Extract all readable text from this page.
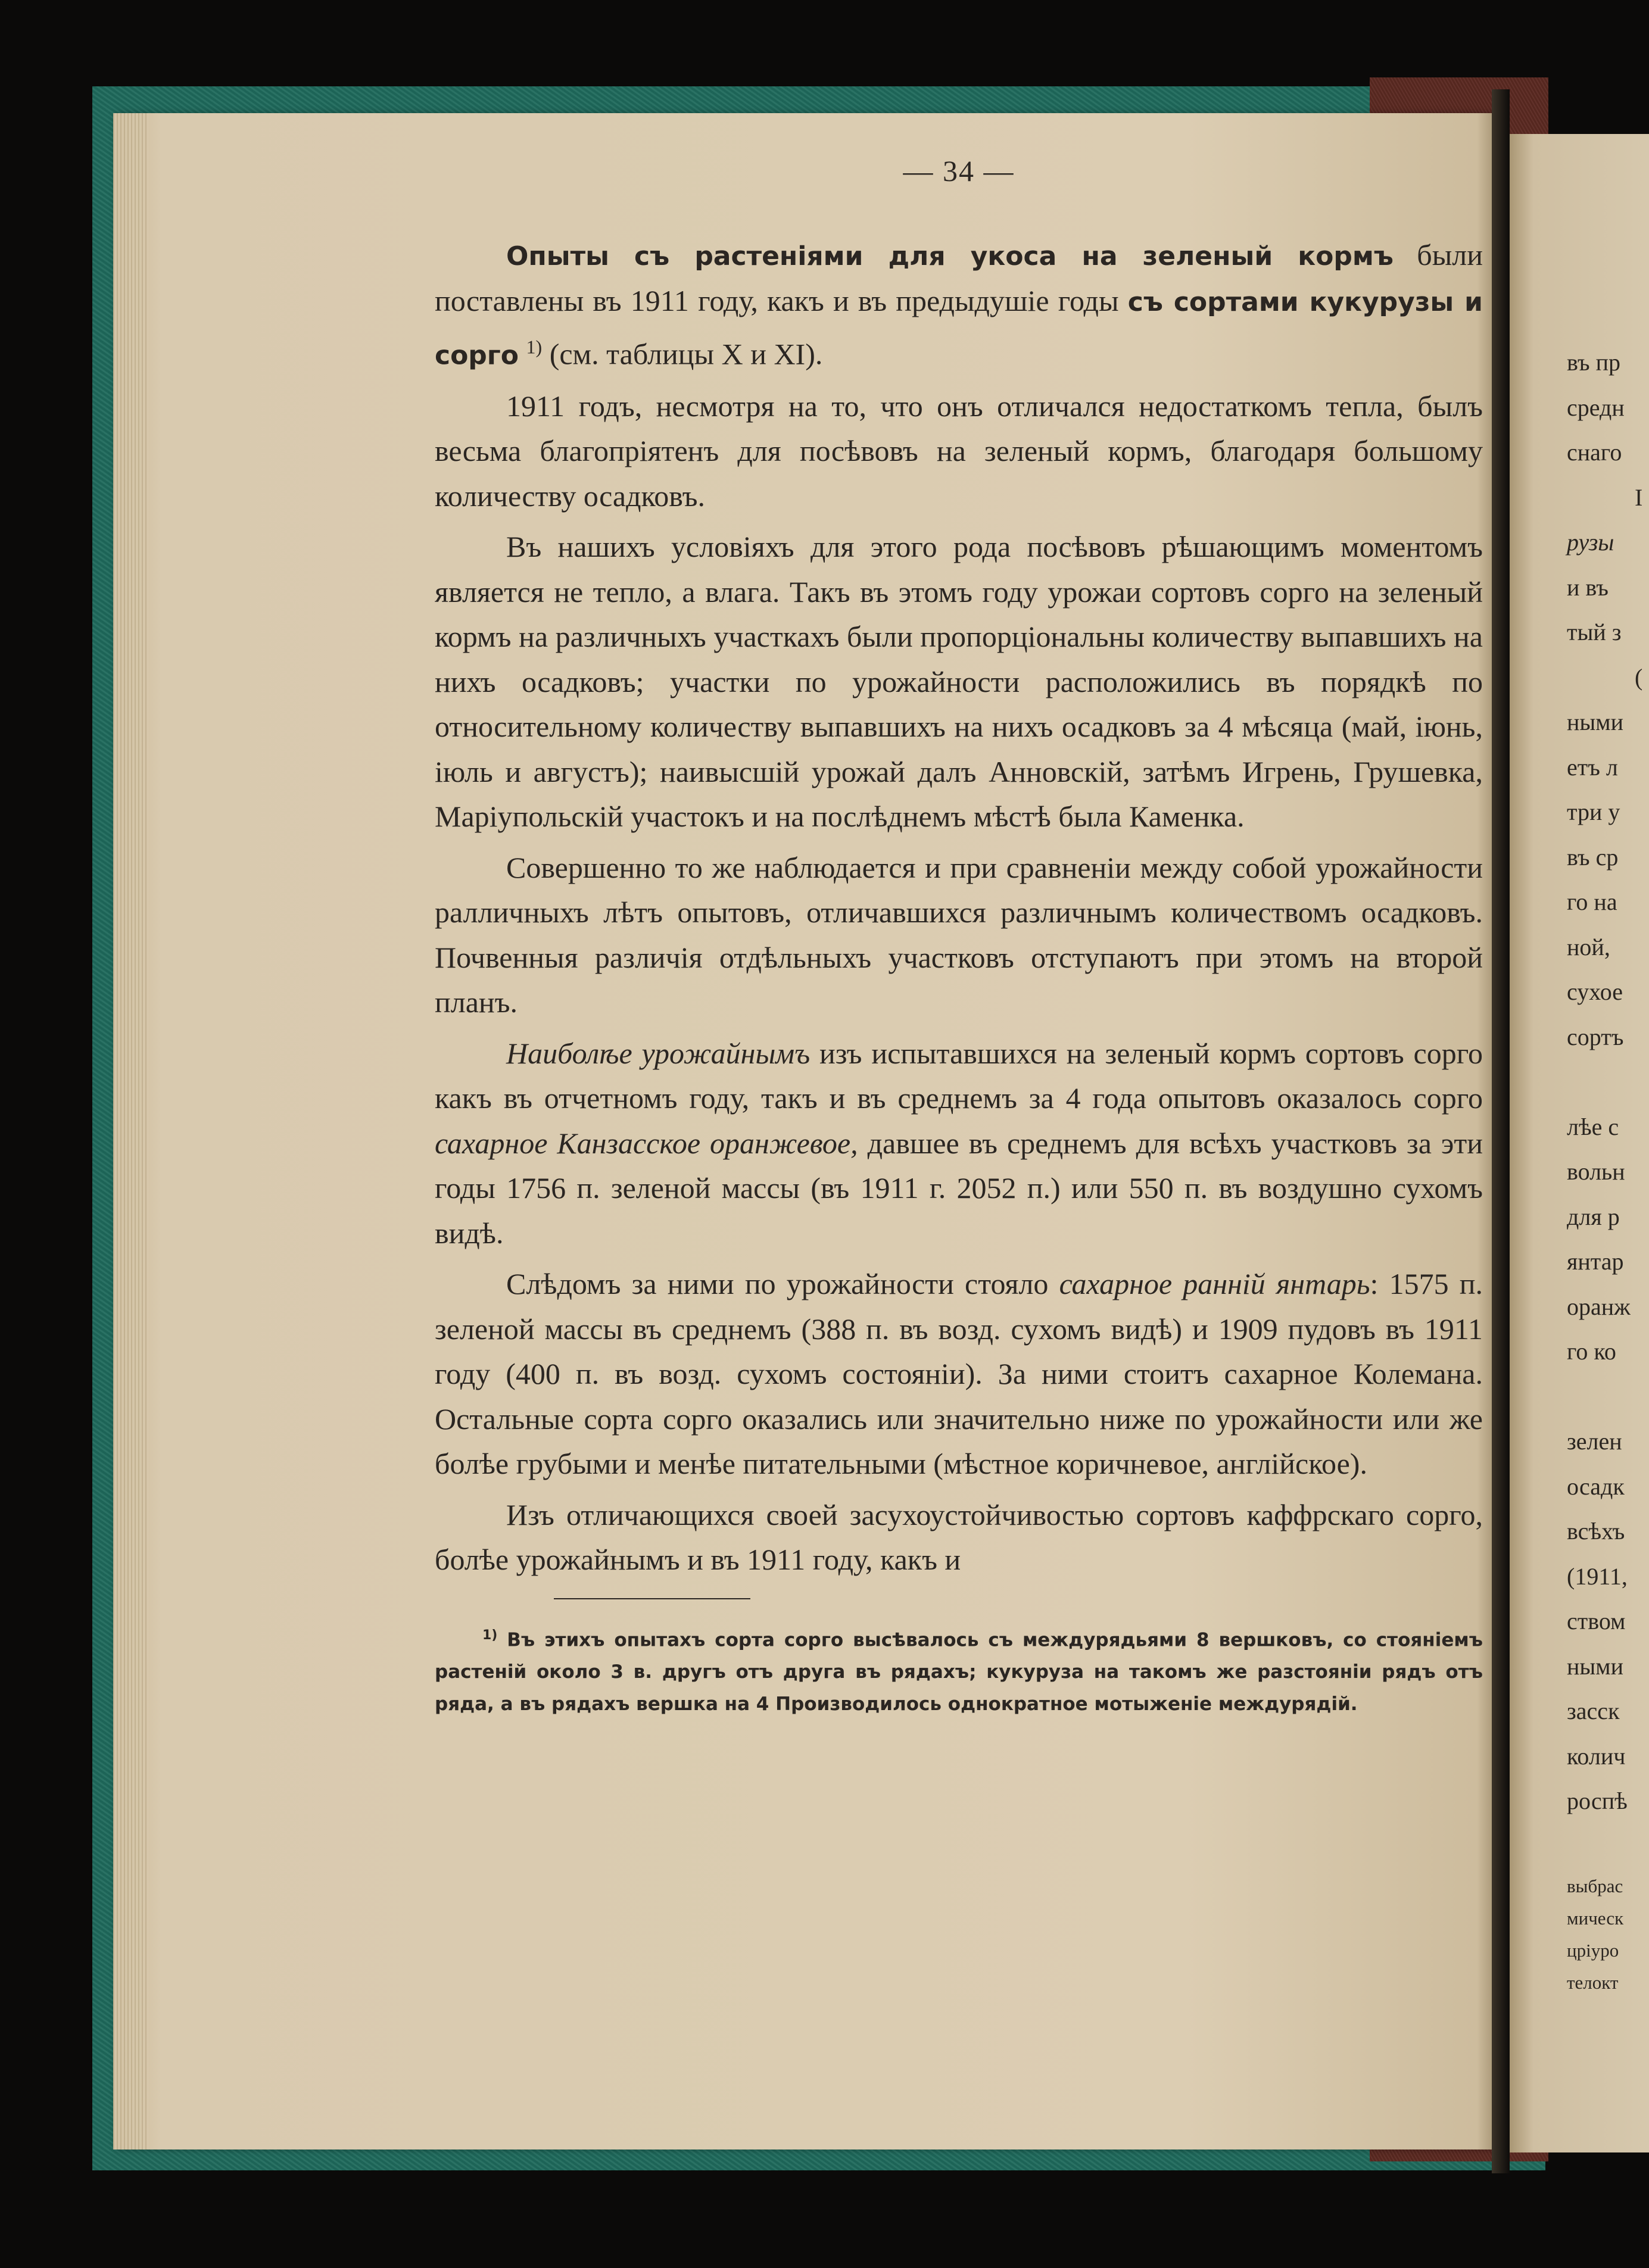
въ пр
средн
снаго
I
рузы
и въ
тый з
(
ными
етъ л
три у
въ ср
го на
ной,
сухое
сортъ
лѣе с
вольн
для р
янтар
оранж
го ко
зелен
осадк
всѣхъ
(1911,
ством
ными
засск
колич
роспѣ
выбрас
мическ
цріуро
телокт
— 34 —

Опыты съ растеніями для укоса на зеленый кормъ были поставлены въ 1911 году, какъ и въ предыдушіе годы съ сортами кукурузы и сорго $^{1)}$ (см. таблицы X и XI).

1911 годъ, несмотря на то, что онъ отличался недостаткомъ тепла, былъ весьма благопріятенъ для посѣвовъ на зеленый кормъ, благодаря большому количеству осадковъ.

Въ нашихъ условіяхъ для этого рода посѣвовъ рѣшающимъ моментомъ является не тепло, а влага. Такъ въ этомъ году урожаи сортовъ сорго на зеленый кормъ на различныхъ участкахъ были пропорціональны количеству выпавшихъ на нихъ осадковъ; участки по урожайности расположились въ порядкѣ по относительному количеству выпавшихъ на нихъ осадковъ за 4 мѣсяца (май, іюнь, іюль и августъ); наивысшій урожай далъ Анновскій, затѣмъ Игрень, Грушевка, Маріупольскій участокъ и на послѣднемъ мѣстѣ была Каменка.

Совершенно то же наблюдается и при сравненіи между собой урожайности ралличныхъ лѣтъ опытовъ, отличавшихся различнымъ количествомъ осадковъ. Почвенныя различія отдѣльныхъ участковъ отступаютъ при этомъ на второй планъ.

Наиболѣе урожайнымъ изъ испытавшихся на зеленый кормъ сортовъ сорго какъ въ отчетномъ году, такъ и въ среднемъ за 4 года опытовъ оказалось сорго сахарное Канзасское оранжевое, давшее въ среднемъ для всѣхъ участковъ за эти годы 1756 п. зеленой массы (въ 1911 г. 2052 п.) или 550 п. въ воздушно сухомъ видѣ.

Слѣдомъ за ними по урожайности стояло сахарное ранній янтарь: 1575 п. зеленой массы въ среднемъ (388 п. въ возд. сухомъ видѣ) и 1909 пудовъ въ 1911 году (400 п. въ возд. сухомъ состояніи). За ними стоитъ сахарное Колемана. Остальные сорта сорго оказались или значительно ниже по урожайности или же болѣе грубыми и менѣе питательными (мѣстное коричневое, англійское).

Изъ отличающихся своей засухоустойчивостью сортовъ каффрскаго сорго, болѣе урожайнымъ и въ 1911 году, какъ и

$^{1)}$ Въ этихъ опытахъ сорта сорго высѣвалось съ междурядьями 8 вершковъ, со стояніемъ растеній около 3 в. другъ отъ друга въ рядахъ; кукуруза на такомъ же разстояніи рядъ отъ ряда, а въ рядахъ вершка на 4 Производилось однократное мотыженіе междурядій.
